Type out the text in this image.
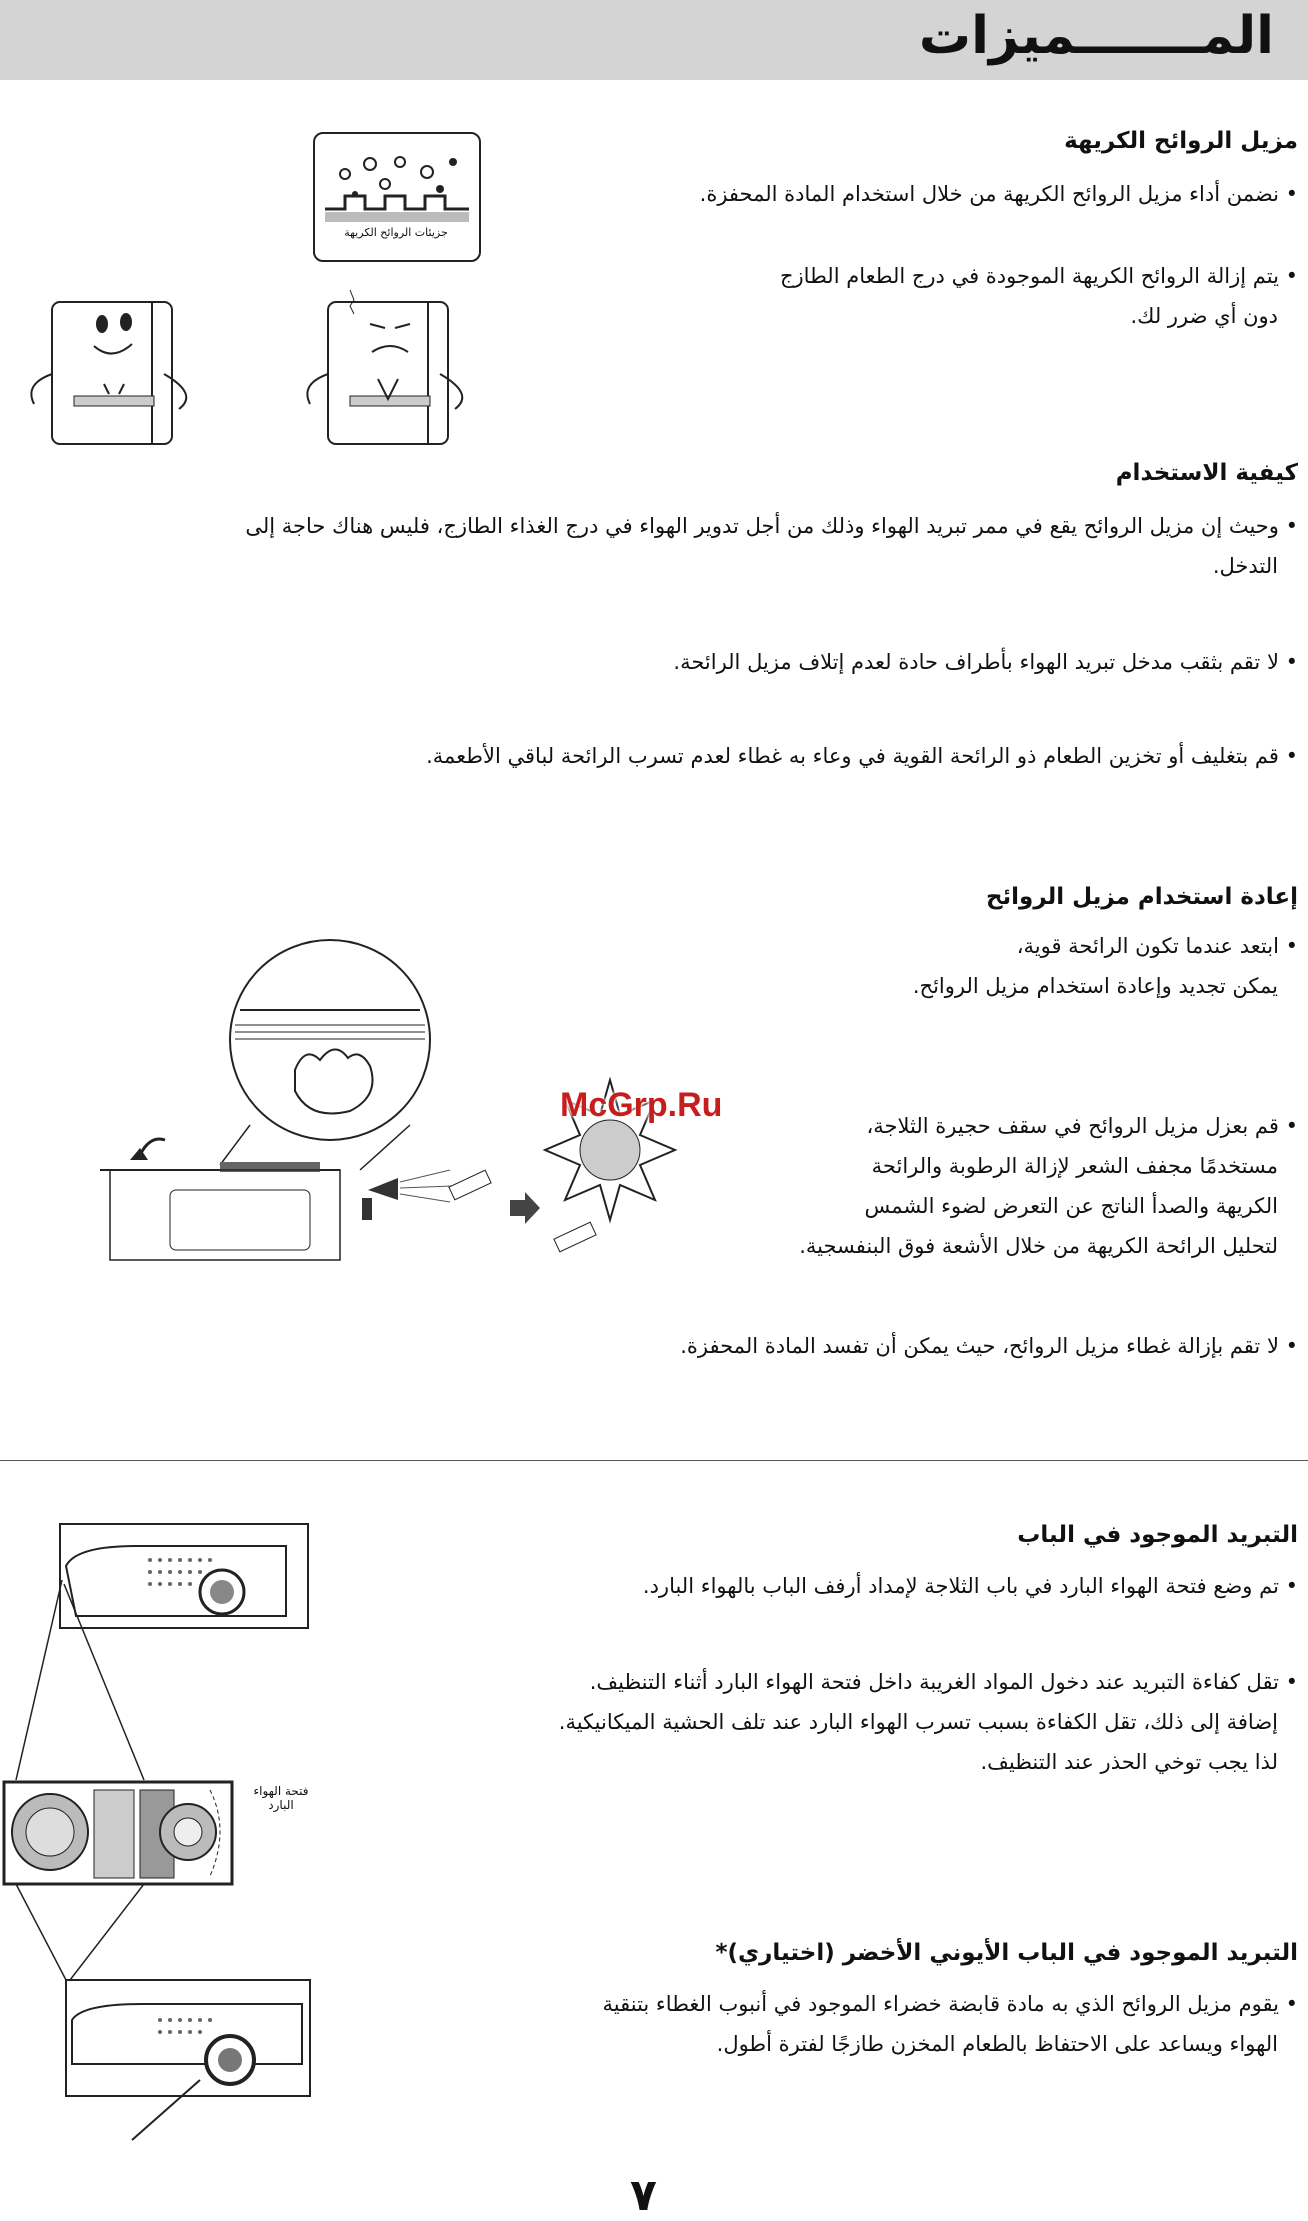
المـــــــميزات
مزيل الروائح الكريهة
• نضمن أداء مزيل الروائح الكريهة من خلال استخدام المادة المحفزة.
• يتم إزالة الروائح الكريهة الموجودة في درج الطعام الطازج
دون أي ضرر لك.
جزيئات الروائح الكريهة
كيفية الاستخدام
• وحيث إن مزيل الروائح يقع في ممر تبريد الهواء وذلك من أجل تدوير الهواء في درج الغذاء الطازج، فليس هناك حاجة إلى
التدخل.
• لا تقم بثقب مدخل تبريد الهواء بأطراف حادة لعدم إتلاف مزيل الرائحة.
• قم بتغليف أو تخزين الطعام ذو الرائحة القوية في وعاء به غطاء لعدم تسرب الرائحة لباقي الأطعمة.
إعادة استخدام مزيل الروائح
• ابتعد عندما تكون الرائحة قوية،
يمكن تجديد وإعادة استخدام مزيل الروائح.
• قم بعزل مزيل الروائح في سقف حجيرة الثلاجة،
مستخدمًا مجفف الشعر لإزالة الرطوبة والرائحة
الكريهة والصدأ الناتج عن التعرض لضوء الشمس
لتحليل الرائحة الكريهة من خلال الأشعة فوق البنفسجية.
• لا تقم بإزالة غطاء مزيل الروائح، حيث يمكن أن تفسد المادة المحفزة.
McGrp.Ru
التبريد الموجود في الباب
• تم وضع فتحة الهواء البارد في باب الثلاجة لإمداد أرفف الباب بالهواء البارد.
• تقل كفاءة التبريد عند دخول المواد الغريبة داخل فتحة الهواء البارد أثناء التنظيف.
إضافة إلى ذلك، تقل الكفاءة بسبب تسرب الهواء البارد عند تلف الحشية الميكانيكية.
لذا يجب توخي الحذر عند التنظيف.
فتحة الهواء
البارد
التبريد الموجود في الباب الأيوني الأخضر (اختياري)*
• يقوم مزيل الروائح الذي به مادة قابضة خضراء الموجود في أنبوب الغطاء بتنقية
الهواء ويساعد على الاحتفاظ بالطعام المخزن طازجًا لفترة أطول.
٧
